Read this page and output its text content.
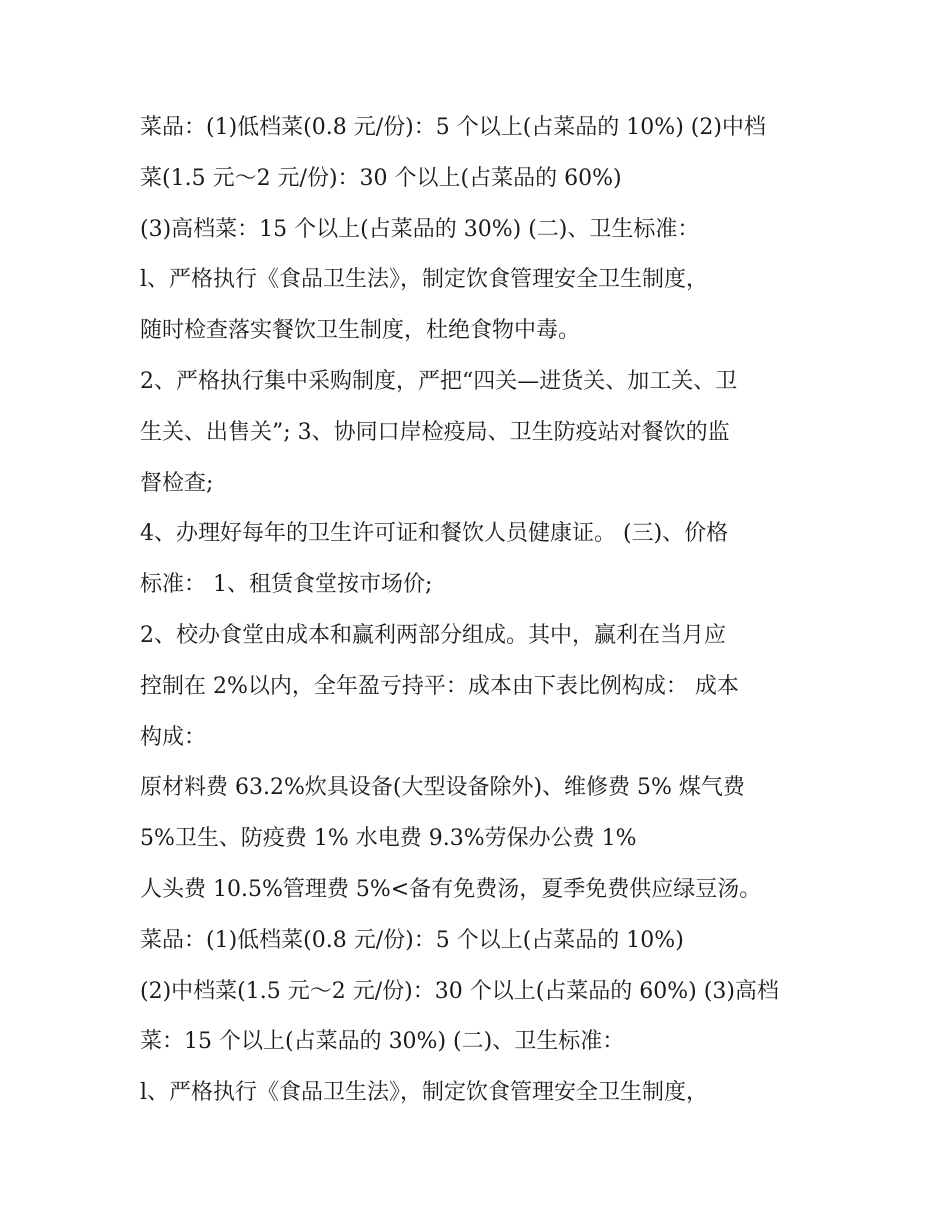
菜品：(1)低档菜(0.8 元/份)：5 个以上(占菜品的 10%) (2)中档
菜(1.5 元～2 元/份)：30 个以上(占菜品的 60%)
(3)高档菜：15 个以上(占菜品的 30%) (二)、卫生标准：
l、严格执行《食品卫生法》，制定饮食管理安全卫生制度，
随时检查落实餐饮卫生制度，杜绝食物中毒。
2、严格执行集中采购制度，严把“四关—进货关、加工关、卫
生关、出售关”; 3、协同口岸检疫局、卫生防疫站对餐饮的监
督检查;
4、办理好每年的卫生许可证和餐饮人员健康证。 (三)、价格
标准： 1、租赁食堂按市场价;
2、校办食堂由成本和赢利两部分组成。其中，赢利在当月应
控制在 2%以内，全年盈亏持平：成本由下表比例构成： 成本
构成：
原材料费 63.2%炊具设备(大型设备除外)、维修费 5% 煤气费
5%卫生、防疫费 1% 水电费 9.3%劳保办公费 1%
人头费 10.5%管理费 5%<备有免费汤，夏季免费供应绿豆汤。
菜品：(1)低档菜(0.8 元/份)：5 个以上(占菜品的 10%)
(2)中档菜(1.5 元～2 元/份)：30 个以上(占菜品的 60%) (3)高档
菜：15 个以上(占菜品的 30%) (二)、卫生标准：
l、严格执行《食品卫生法》，制定饮食管理安全卫生制度，
